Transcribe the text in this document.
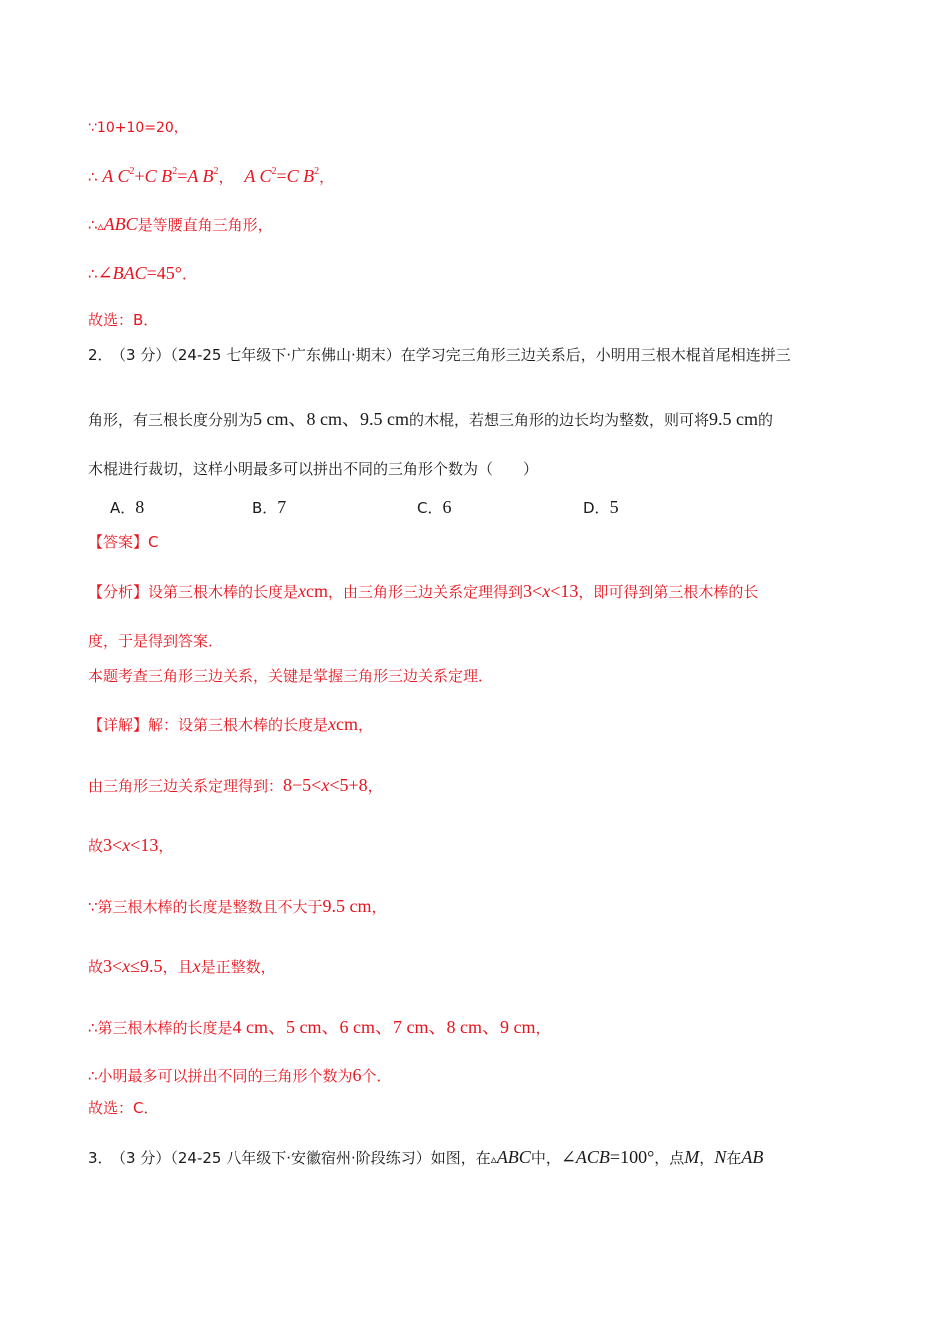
∵10+10=20，
∴ A $C^2+C$ $B^2=A$ $B^2$， A $C^2=C$ $B^2$，
∴▵ABC是等腰直角三角形，
∴∠BAC=45°．
故选：B．
2． （3 分）（24-25 七年级下·广东佛山·期末）在学习完三角形三边关系后，小明用三根木棍首尾相连拼三
角形，有三根长度分别为5 cm、8 cm、9.5 cm的木棍，若想三角形的边长均为整数，则可将9.5 cm的
木棍进行裁切，这样小明最多可以拼出不同的三角形个数为（　　）
A．8	B．7	C．6	D．5
【答案】C
【分析】设第三根木棒的长度是xcm，由三角形三边关系定理得到3<x<13，即可得到第三根木棒的长
度，于是得到答案．
本题考查三角形三边关系，关键是掌握三角形三边关系定理．
【详解】解：设第三根木棒的长度是xcm，
由三角形三边关系定理得到：8−5<x<5+8，
故3<x<13，
∵第三根木棒的长度是整数且不大于9.5 cm，
故3<x≤9.5，且x是正整数，
∴第三根木棒的长度是4 cm、5 cm、6 cm、7 cm、8 cm、9 cm，
∴小明最多可以拼出不同的三角形个数为6个．
故选：C．
3． （3 分）（24-25 八年级下·安徽宿州·阶段练习）如图，在▵ABC中，∠ACB=100°，点M，N在AB
